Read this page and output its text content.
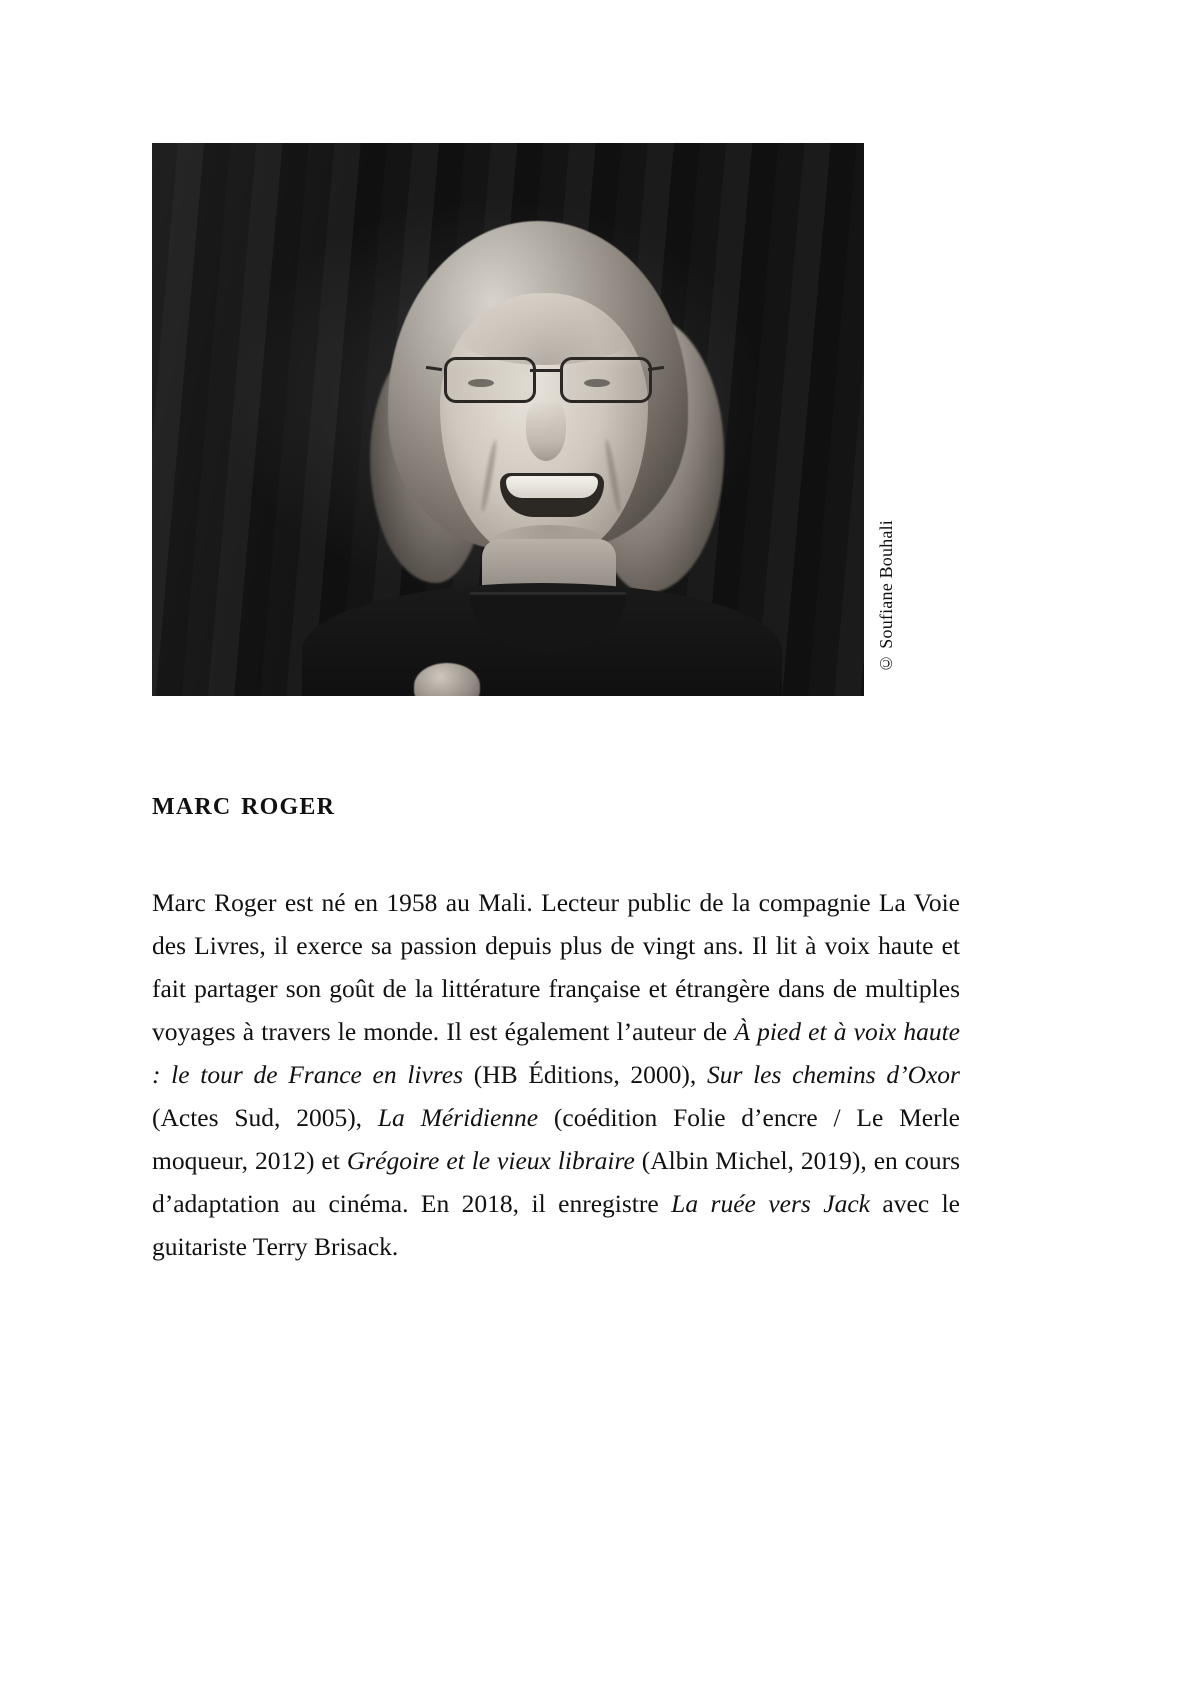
© Soufiane Bouhali
marc roger

Marc Roger est né en 1958 au Mali. Lecteur public de la compagnie La Voie des Livres, il exerce sa passion depuis plus de vingt ans. Il lit à voix haute et fait partager son goût de la littérature française et étrangère dans de multiples voyages à travers le monde. Il est également l’auteur de À pied et à voix haute : le tour de France en livres (HB Éditions, 2000), Sur les chemins d’Oxor (Actes Sud, 2005), La Méridienne (coédition Folie d’encre / Le Merle moqueur, 2012) et Grégoire et le vieux libraire (Albin Michel, 2019), en cours d’adaptation au cinéma. En 2018, il enregistre La ruée vers Jack avec le guitariste Terry Brisack.
